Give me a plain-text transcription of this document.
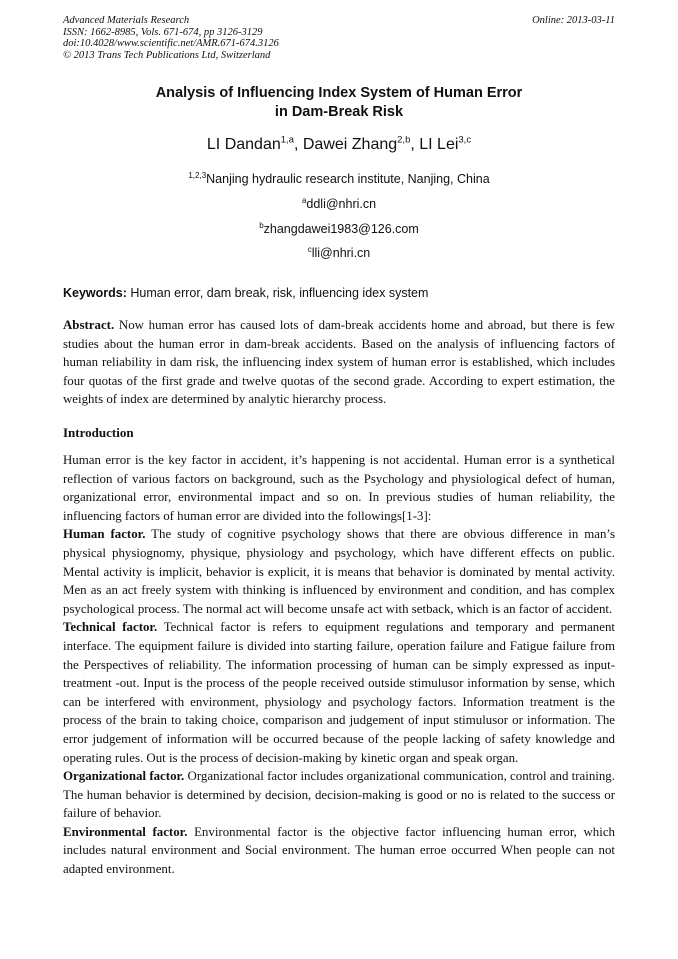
Advanced Materials Research
ISSN: 1662-8985, Vols. 671-674, pp 3126-3129
doi:10.4028/www.scientific.net/AMR.671-674.3126
© 2013 Trans Tech Publications Ltd, Switzerland
Online: 2013-03-11
Analysis of Influencing Index System of Human Error
in Dam-Break Risk
LI Dandan$^{1,a}$, Dawei Zhang$^{2,b}$, LI Lei$^{3,c}$
$^{1,2,3}$Nanjing hydraulic research institute, Nanjing, China
$^a$ddli@nhri.cn
$^b$zhangdawei1983@126.com
$^c$lli@nhri.cn
Keywords: Human error, dam break, risk, influencing idex system

Abstract. Now human error has caused lots of dam-break accidents home and abroad, but there is few studies about the human error in dam-break accidents. Based on the analysis of influencing factors of human reliability in dam risk, the influencing index system of human error is established, which includes four quotas of the first grade and twelve quotas of the second grade. According to expert estimation, the weights of index are determined by analytic hierarchy process.

Introduction

Human error is the key factor in accident, it’s happening is not accidental. Human error is a synthetical reflection of various factors on background, such as the Psychology and physiological defect of human, organizational error, environmental impact and so on. In previous studies of human reliability, the influencing factors of human error are divided into the followings[1-3]:

Human factor. The study of cognitive psychology shows that there are obvious difference in man’s physical physiognomy, physique, physiology and psychology, which have different effects on public. Mental activity is implicit, behavior is explicit, it is means that behavior is dominated by mental activity. Men as an act freely system with thinking is influenced by environment and condition, and has complex psychological process. The normal act will become unsafe act with setback, which is an factor of accident.

Technical factor. Technical factor is refers to equipment regulations and temporary and permanent interface. The equipment failure is divided into starting failure, operation failure and Fatigue failure from the Perspectives of reliability. The information processing of human can be simply expressed as input-treatment -out. Input is the process of the people received outside stimulusor information by sense, which can be interfered with environment, physiology and psychology factors. Information treatment is the process of the brain to taking choice, comparison and judgement of input stimulusor or information. The error judgement of information will be occurred because of the people lacking of safety knowledge and operating rules. Out is the process of decision-making by kinetic organ and speak organ.

Organizational factor. Organizational factor includes organizational communication, control and training. The human behavior is determined by decision, decision-making is good or no is related to the success or failure of behavior.

Environmental factor. Environmental factor is the objective factor influencing human error, which includes natural environment and Social environment. The human erroe occurred When people can not adapted environment.
